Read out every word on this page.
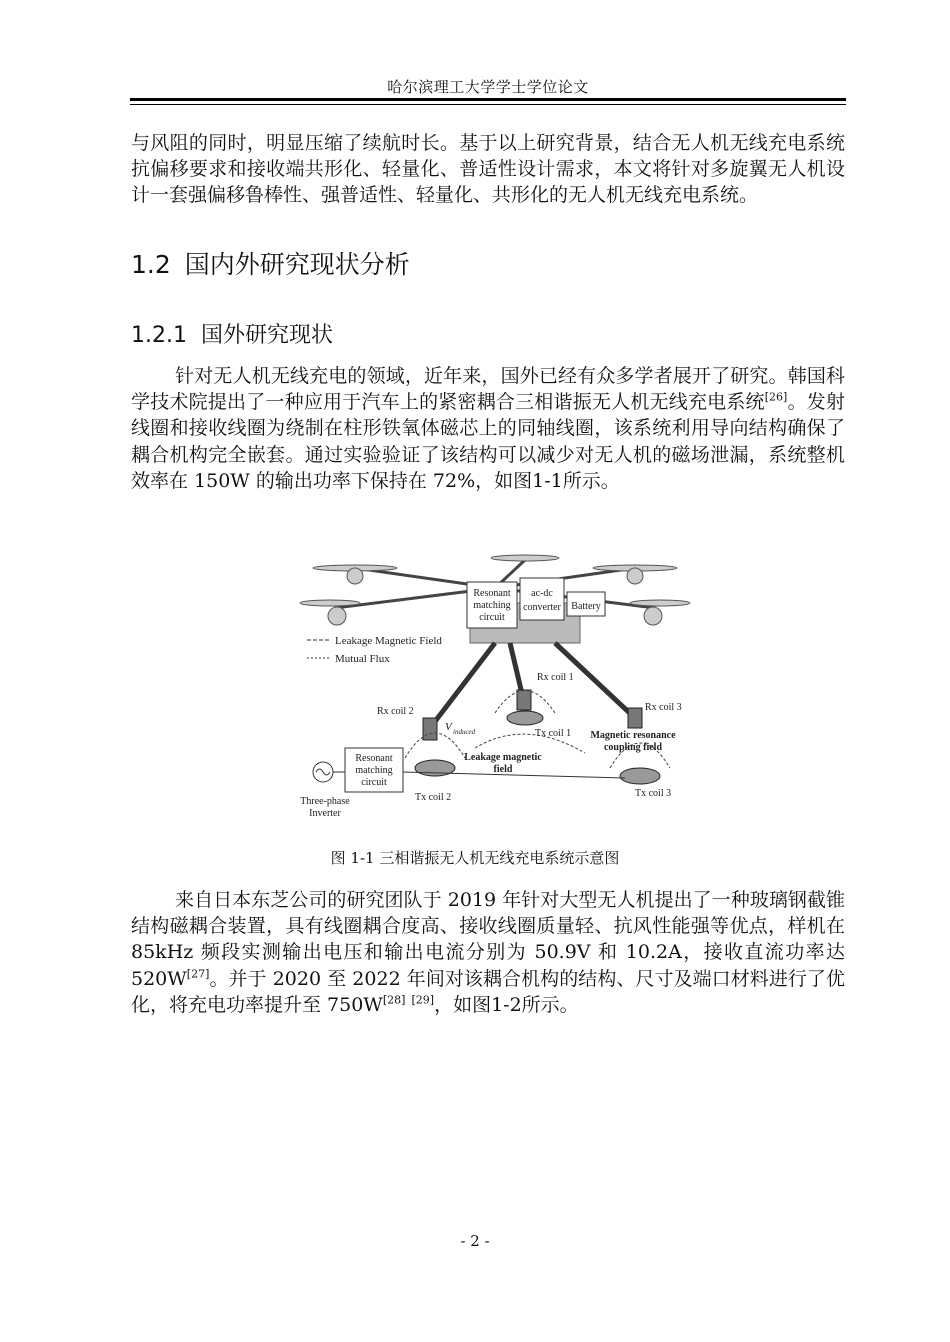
哈尔滨理工大学学士学位论文
与风阻的同时，明显压缩了续航时长。基于以上研究背景，结合无人机无线充电系统抗偏移要求和接收端共形化、轻量化、普适性设计需求，本文将针对多旋翼无人机设计一套强偏移鲁棒性、强普适性、轻量化、共形化的无人机无线充电系统。
1.2 国内外研究现状分析
1.2.1 国外研究现状
针对无人机无线充电的领域，近年来，国外已经有众多学者展开了研究。韩国科学技术院提出了一种应用于汽车上的紧密耦合三相谐振无人机无线充电系统[26]。发射线圈和接收线圈为绕制在柱形铁氧体磁芯上的同轴线圈，该系统利用导向结构确保了耦合机构完全嵌套。通过实验验证了该结构可以减少对无人机的磁场泄漏，系统整机效率在 150W 的输出功率下保持在 72%，如图1-1所示。
Resonant
matching
circuit
ac-dc
converter Battery
Leakage Magnetic Field
Mutual Flux
Rx coil 1
Rx coil 2	Rx coil 3
Tx coil 1
Tx coil 2	Tx coil 3
V induced
Leakage magnetic
field
Magnetic resonance
coupling field
Resonant
matching
circuit
Three-phase
Inverter
图 1-1 三相谐振无人机无线充电系统示意图
来自日本东芝公司的研究团队于 2019 年针对大型无人机提出了一种玻璃钢截锥结构磁耦合装置，具有线圈耦合度高、接收线圈质量轻、抗风性能强等优点，样机在 85kHz 频段实测输出电压和输出电流分别为 50.9V 和 10.2A，接收直流功率达 520W[27]。并于 2020 至 2022 年间对该耦合机构的结构、尺寸及端口材料进行了优化，将充电功率提升至 750W[28] [29]，如图1-2所示。
- 2 -
